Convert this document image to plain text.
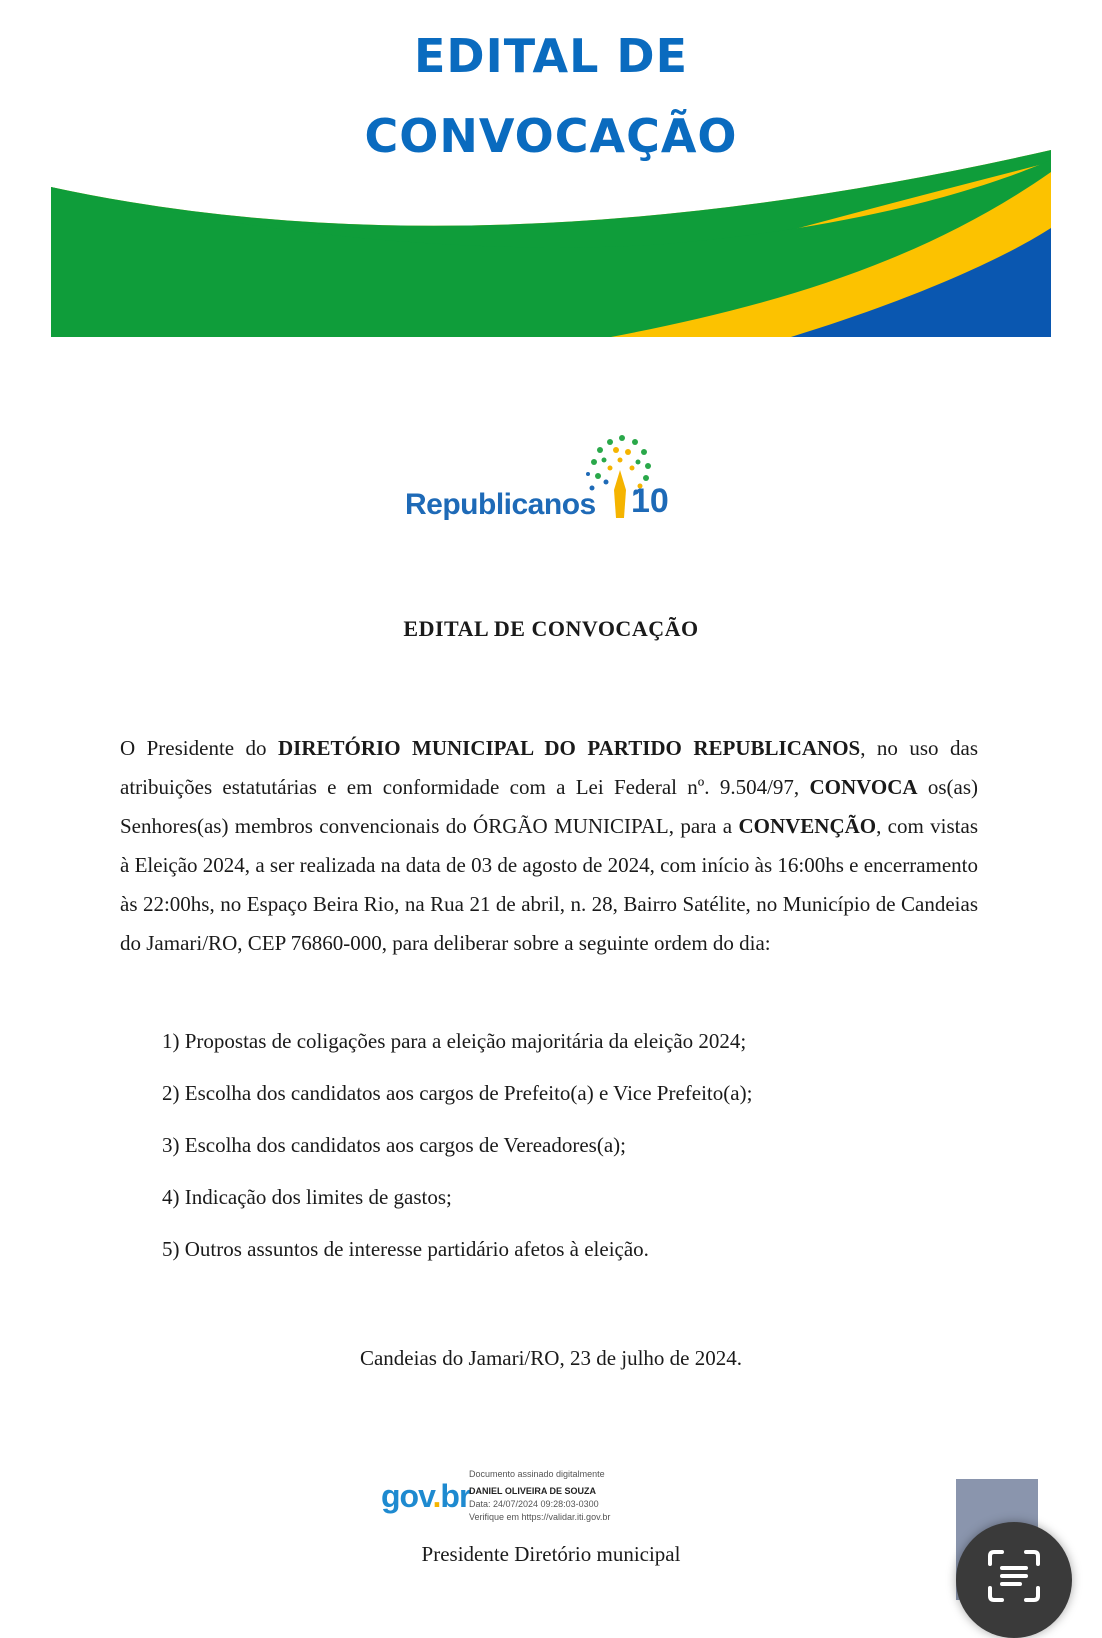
EDITAL DE
CONVOCAÇÃO
Republicanos 10
EDITAL DE CONVOCAÇÃO
O Presidente do DIRETÓRIO MUNICIPAL DO PARTIDO REPUBLICANOS, no uso das atribuições estatutárias e em conformidade com a Lei Federal nº. 9.504/97, CONVOCA os(as) Senhores(as) membros convencionais do ÓRGÃO MUNICIPAL, para a CONVENÇÃO, com vistas à Eleição 2024, a ser realizada na data de 03 de agosto de 2024, com início às 16:00hs e encerramento às 22:00hs, no Espaço Beira Rio, na Rua 21 de abril, n. 28, Bairro Satélite, no Município de Candeias do Jamari/RO, CEP 76860-000, para deliberar sobre a seguinte ordem do dia:
1) Propostas de coligações para a eleição majoritária da eleição 2024;
2) Escolha dos candidatos aos cargos de Prefeito(a) e Vice Prefeito(a);
3) Escolha dos candidatos aos cargos de Vereadores(a);
4) Indicação dos limites de gastos;
5) Outros assuntos de interesse partidário afetos à eleição.
Candeias do Jamari/RO, 23 de julho de 2024.
gov.br
Documento assinado digitalmente
DANIEL OLIVEIRA DE SOUZA
Data: 24/07/2024 09:28:03-0300
Verifique em https://validar.iti.gov.br
Presidente Diretório municipal
